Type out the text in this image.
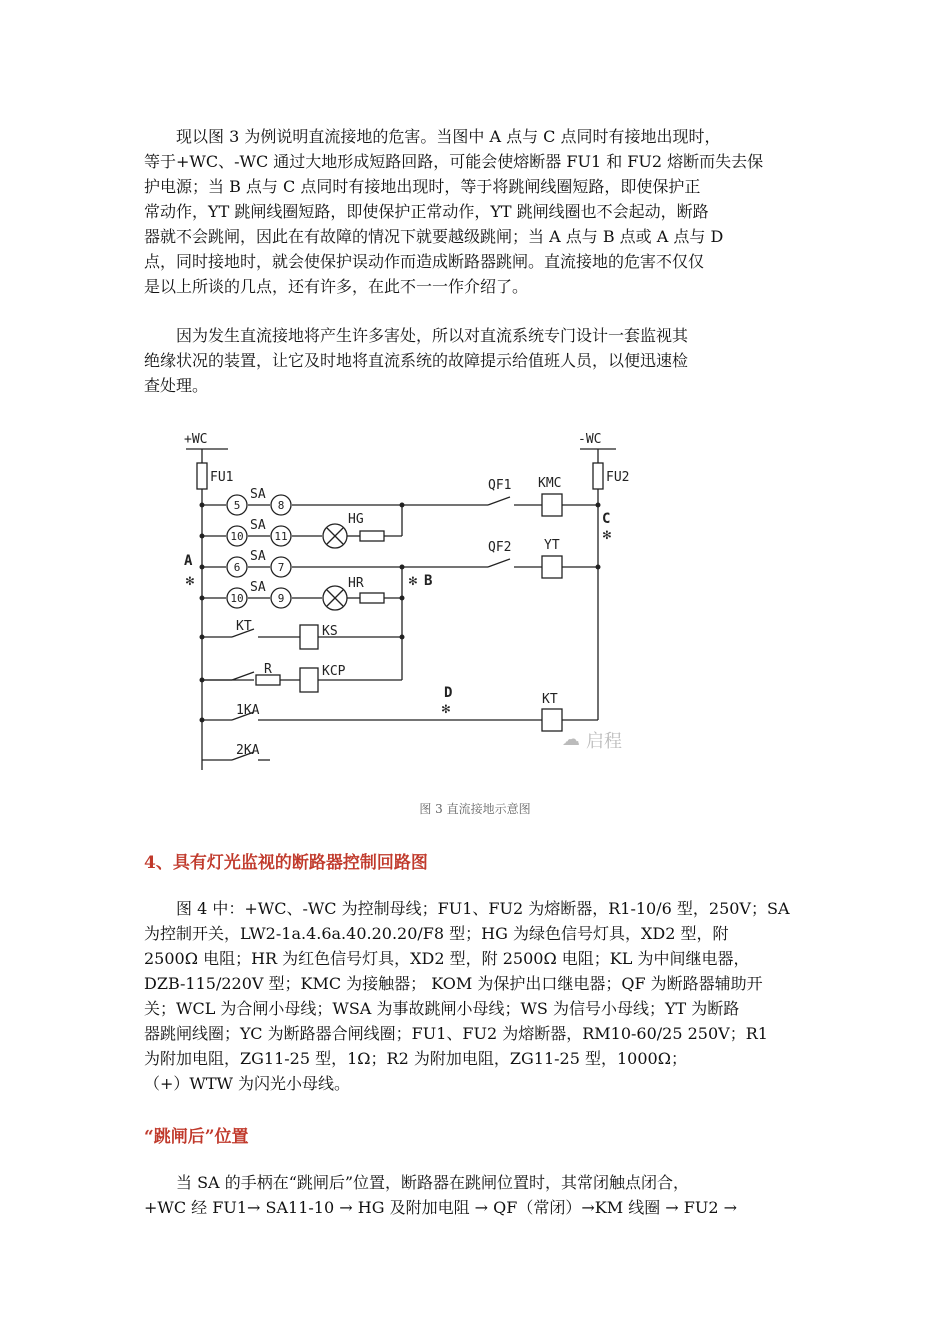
　　现以图 3 为例说明直流接地的危害。当图中 A 点与 C 点同时有接地出现时，
等于+WC、-WC 通过大地形成短路回路，可能会使熔断器 FU1 和 FU2 熔断而失去保
护电源；当 B 点与 C 点同时有接地出现时，等于将跳闸线圈短路，即使保护正
常动作，YT 跳闸线圈短路，即使保护正常动作，YT 跳闸线圈也不会起动，断路
器就不会跳闸，因此在有故障的情况下就要越级跳闸；当 A 点与 B 点或 A 点与 D
点，同时接地时，就会使保护误动作而造成断路器跳闸。直流接地的危害不仅仅
是以上所谈的几点，还有许多，在此不一一作介绍了。
　　因为发生直流接地将产生许多害处，所以对直流系统专门设计一套监视其
绝缘状况的装置，让它及时地将直流系统的故障提示给值班人员，以便迅速检
查处理。
+WC	-WC
FU1	FU2
QF1 KMC
QF2	YT
HG
HR
SA
SA
SA
SA
KT	KS
R	KCP
1KA
2KA
KT
5	8
10	11
6	7
10	9
A
B
C
D
✻	✻
✻
✻
☁ 启程
图 3 直流接地示意图
4、具有灯光监视的断路器控制回路图
　　图 4 中：+WC、-WC 为控制母线；FU1、FU2 为熔断器，R1-10/6 型，250V；SA
为控制开关，LW2-1a.4.6a.40.20.20/F8 型；HG 为绿色信号灯具，XD2 型，附
2500Ω 电阻；HR 为红色信号灯具，XD2 型，附 2500Ω 电阻；KL 为中间继电器，
DZB-115/220V 型；KMC 为接触器； KOM 为保护出口继电器；QF 为断路器辅助开
关；WCL 为合闸小母线；WSA 为事故跳闸小母线；WS 为信号小母线；YT 为断路
器跳闸线圈；YC 为断路器合闸线圈；FU1、FU2 为熔断器，RM10-60/25 250V；R1
为附加电阻，ZG11-25 型，1Ω；R2 为附加电阻，ZG11-25 型，1000Ω；
（+）WTW 为闪光小母线。
“跳闸后”位置
　　当 SA 的手柄在“跳闸后”位置，断路器在跳闸位置时，其常闭触点闭合，
+WC 经 FU1→ SA11-10 → HG 及附加电阻 → QF（常闭）→KM 线圈 → FU2 →
